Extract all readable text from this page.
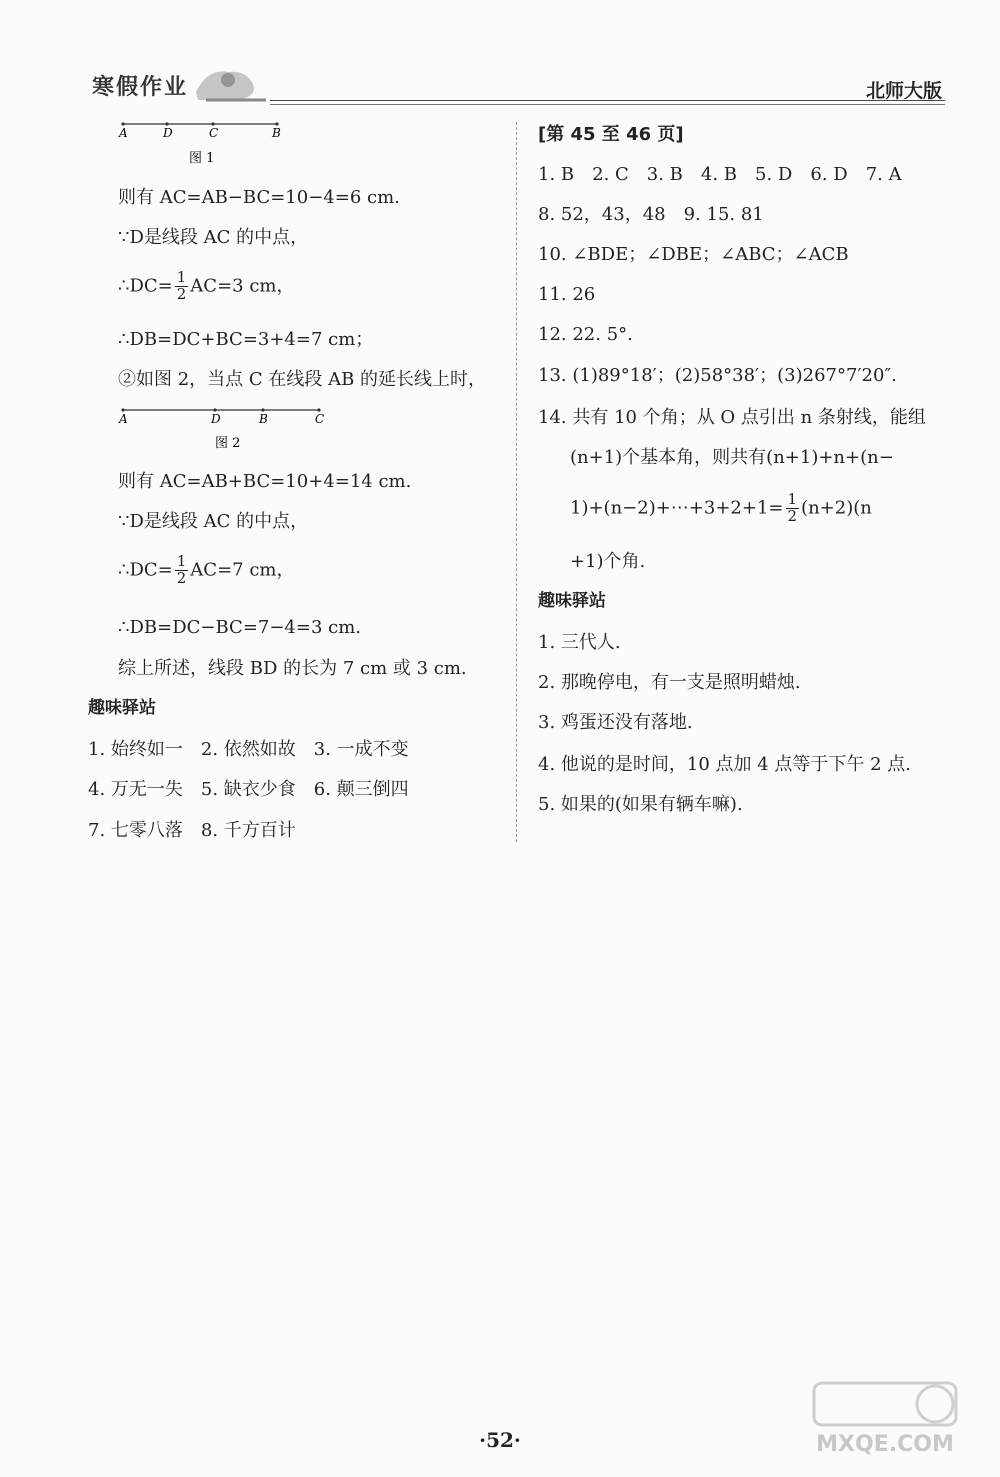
寒假作业	北师大版
A	D	C	B
图 1
则有 AC=AB−BC=10−4=6 cm.
∵D是线段 AC 的中点，
∴DC= $\frac{1}{2} AC=3$ cm，
∴DB=DC+BC=3+4=7 cm；
②如图 2，当点 C 在线段 AB 的延长线上时，
A	D	B	C
图 2
则有 AC=AB+BC=10+4=14 cm.
∵D是线段 AC 的中点，
∴DC= $\frac{1}{2} AC=7$ cm，
∴DB=DC−BC=7−4=3 cm.
综上所述，线段 BD 的长为 7 cm 或 3 cm.
趣味驿站
1. 始终如一　2. 依然如故　3. 一成不变
4. 万无一失　5. 缺衣少食　6. 颠三倒四
7. 七零八落　8. 千方百计
[第 45 至 46 页]
1. B　2. C　3. B　4. B　5. D　6. D　7. A
8. 52，43，48　9. 15. 81
10. ∠BDE；∠DBE；∠ABC；∠ACB
11. 26
12. 22. 5°.
13. (1)89°18′；(2)58°38′；(3)267°7′20″.
14. 共有 10 个角；从 O 点引出 n 条射线，能组
(n+1)个基本角，则共有(n+1)+n+(n−
1)+(n−2)+⋯+3+2+1= $\frac{1}{2} (n+2)(n$
+1)个角.
趣味驿站
1. 三代人.
2. 那晚停电，有一支是照明蜡烛.
3. 鸡蛋还没有落地.
4. 他说的是时间，10 点加 4 点等于下午 2 点.
5. 如果的(如果有辆车嘛).
·52·	MXQE.COM
